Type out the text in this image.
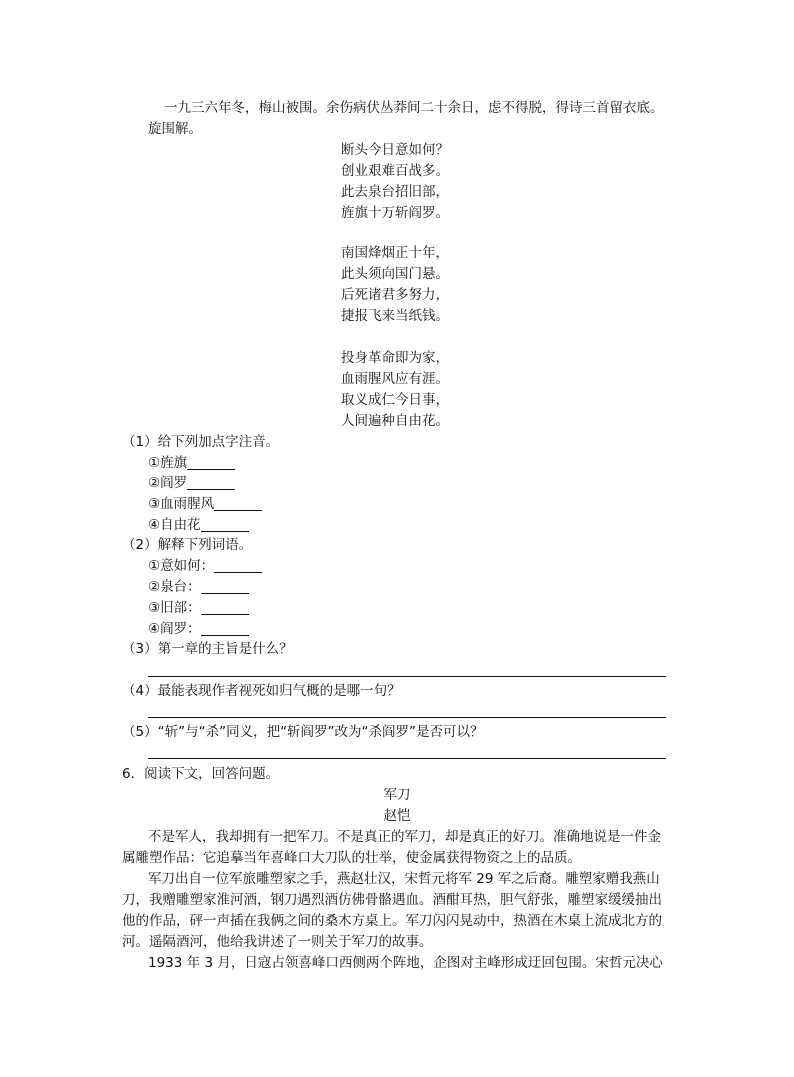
一九三六年冬，梅山被围。余伤病伏丛莽间二十余日，虑不得脱，得诗三首留衣底。
旋围解。
断头今日意如何？
创业艰难百战多。
此去泉台招旧部，
旌旗十万斩阎罗。
南国烽烟正十年，
此头须向国门悬。
后死诸君多努力，
捷报飞来当纸钱。
投身革命即为家，
血雨腥风应有涯。
取义成仁今日事，
人间遍种自由花。
（1）给下列加点字注音。
①旌旗
②阎罗
③血雨腥风
④自由花
（2）解释下列词语。
①意如何：
②泉台：
③旧部：
④阎罗：
（3）第一章的主旨是什么？
（4）最能表现作者视死如归气概的是哪一句？
（5）“斩”与“杀”同义，把“斩阎罗”改为“杀阎罗”是否可以？
6．阅读下文，回答问题。
军刀
赵恺
不是军人，我却拥有一把军刀。不是真正的军刀，却是真正的好刀。准确地说是一件金
属雕塑作品：它追摹当年喜峰口大刀队的壮举，使金属获得物资之上的品质。
军刀出自一位军旅雕塑家之手，燕赵壮汉，宋哲元将军 29 军之后裔。雕塑家赠我燕山
刀，我赠雕塑家淮河酒，钢刀遇烈酒仿佛骨骼遇血。酒酣耳热，胆气舒张，雕塑家缓缓抽出
他的作品，砰一声插在我俩之间的桑木方桌上。军刀闪闪晃动中，热酒在木桌上流成北方的
河。遥隔酒河，他给我讲述了一则关于军刀的故事。
1933 年 3 月，日寇占领喜峰口西侧两个阵地，企图对主峰形成迂回包围。宋哲元决心
